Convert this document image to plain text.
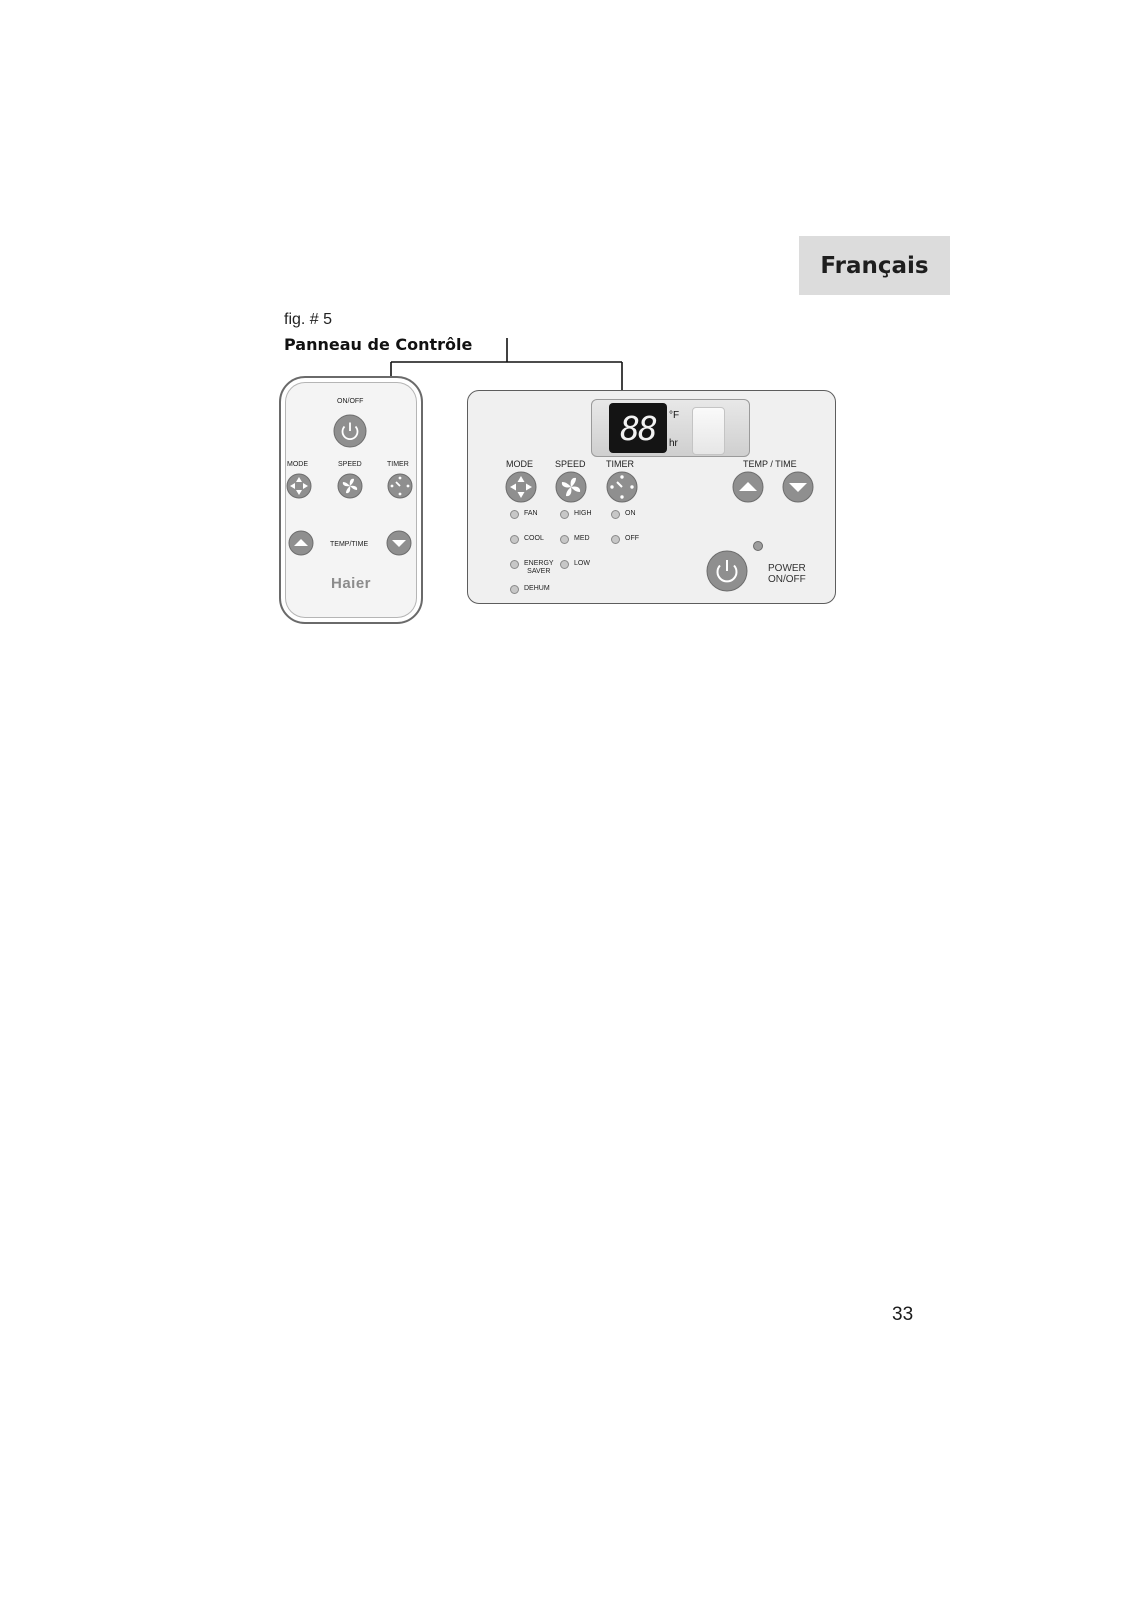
Français
fig. # 5
Panneau de Contrôle
ON/OFF
MODE	SPEED	TIMER
TEMP/TIME
Haier
88	°F
hr
MODE SPEED TIMER	TEMP / TIME
FAN
COOL
ENERGY
SAVER
DEHUM
HIGH
MED
LOW
ON
OFF
POWER
ON/OFF
33
